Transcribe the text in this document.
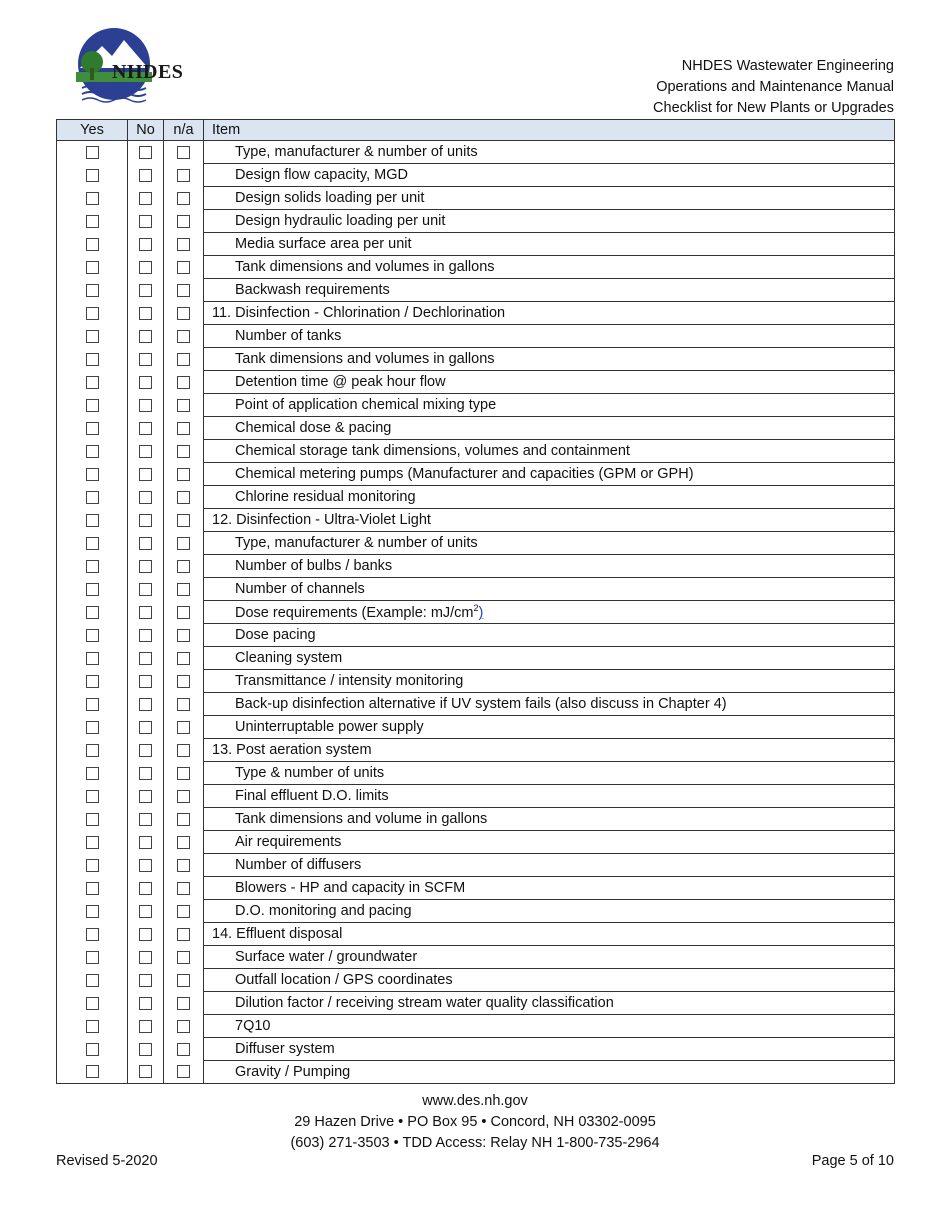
NHDES	NHDES Wastewater Engineering
Operations and Maintenance Manual
Checklist for New Plants or Upgrades
Yes	No	n/a	Item
			Type, manufacturer & number of units
			Design flow capacity, MGD
			Design solids loading per unit
			Design hydraulic loading per unit
			Media surface area per unit
			Tank dimensions and volumes in gallons
			Backwash requirements
			11. Disinfection - Chlorination / Dechlorination
			Number of tanks
			Tank dimensions and volumes in gallons
			Detention time @ peak hour flow
			Point of application chemical mixing type
			Chemical dose & pacing
			Chemical storage tank dimensions, volumes and containment
			Chemical metering pumps (Manufacturer and capacities (GPM or GPH)
			Chlorine residual monitoring
			12. Disinfection - Ultra-Violet Light
			Type, manufacturer & number of units
			Number of bulbs / banks
			Number of channels
			Dose requirements (Example: $mJ/cm^2$)
			Dose pacing
			Cleaning system
			Transmittance / intensity monitoring
			Back-up disinfection alternative if UV system fails (also discuss in Chapter 4)
			Uninterruptable power supply
			13. Post aeration system
			Type & number of units
			Final effluent D.O. limits
			Tank dimensions and volume in gallons
			Air requirements
			Number of diffusers
			Blowers - HP and capacity in SCFM
			D.O. monitoring and pacing
			14. Effluent disposal
			Surface water / groundwater
			Outfall location / GPS coordinates
			Dilution factor / receiving stream water quality classification
			7Q10
			Diffuser system
			Gravity / Pumping
www.des.nh.gov
29 Hazen Drive • PO Box 95 • Concord, NH 03302-0095
(603) 271-3503 • TDD Access: Relay NH 1-800-735-2964
Revised 5-2020	Page 5 of 10
